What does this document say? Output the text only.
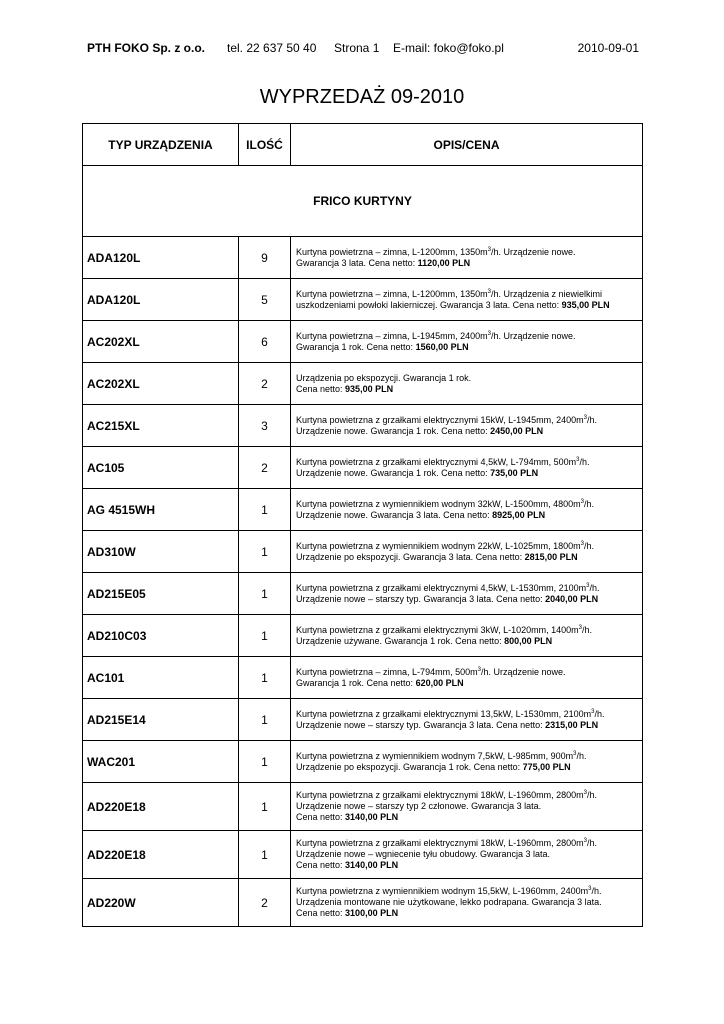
PTH FOKO Sp. z o.o. tel. 22 637 50 40 Strona 1 E-mail: foko@foko.pl	2010-09-01
WYPRZEDAŻ 09-2010
TYP URZĄDZENIA	ILOŚĆ	OPIS/CENA
FRICO KURTYNY		
ADA120L	9	Kurtyna powietrzna – zimna, L-1200mm, $1350m^3/h$. Urządzenie nowe.
Gwarancja 3 lata. Cena netto: 1120,00 PLN

ADA120L	5	Kurtyna powietrzna – zimna, L-1200mm, $1350m^3/h$. Urządzenia z niewielkimi
uszkodzeniami powłoki lakierniczej. Gwarancja 3 lata. Cena netto: 935,00 PLN

AC202XL	6	Kurtyna powietrzna – zimna, L-1945mm, $2400m^3/h$. Urządzenie nowe.
Gwarancja 1 rok. Cena netto: 1560,00 PLN

AC202XL	2	Urządzenia po ekspozycji. Gwarancja 1 rok.
Cena netto: 935,00 PLN

AC215XL	3	Kurtyna powietrzna z grzałkami elektrycznymi 15kW, L-1945mm, $2400m^3/h$.
Urządzenie nowe. Gwarancja 1 rok. Cena netto: 2450,00 PLN

AC105	2	Kurtyna powietrzna z grzałkami elektrycznymi 4,5kW, L-794mm, $500m^3/h$.
Urządzenie nowe. Gwarancja 1 rok. Cena netto: 735,00 PLN

AG 4515WH	1	Kurtyna powietrzna z wymiennikiem wodnym 32kW, L-1500mm, $4800m^3/h$.
Urządzenie nowe. Gwarancja 3 lata. Cena netto: 8925,00 PLN

AD310W	1	Kurtyna powietrzna z wymiennikiem wodnym 22kW, L-1025mm, $1800m^3/h$.
Urządzenie po ekspozycji. Gwarancja 3 lata. Cena netto: 2815,00 PLN

AD215E05	1	Kurtyna powietrzna z grzałkami elektrycznymi 4,5kW, L-1530mm, $2100m^3/h$.
Urządzenie nowe – starszy typ. Gwarancja 3 lata. Cena netto: 2040,00 PLN

AD210C03	1	Kurtyna powietrzna z grzałkami elektrycznymi 3kW, L-1020mm, $1400m^3/h$.
Urządzenie używane. Gwarancja 1 rok. Cena netto: 800,00 PLN

AC101	1	Kurtyna powietrzna – zimna, L-794mm, $500m^3/h$. Urządzenie nowe.
Gwarancja 1 rok. Cena netto: 620,00 PLN

AD215E14	1	Kurtyna powietrzna z grzałkami elektrycznymi 13,5kW, L-1530mm, $2100m^3/h$.
Urządzenie nowe – starszy typ. Gwarancja 3 lata. Cena netto: 2315,00 PLN

WAC201	1	Kurtyna powietrzna z wymiennikiem wodnym 7,5kW, L-985mm, $900m^3/h$.
Urządzenie po ekspozycji. Gwarancja 1 rok. Cena netto: 775,00 PLN

AD220E18	1	Kurtyna powietrzna z grzałkami elektrycznymi 18kW, L-1960mm, $2800m^3/h$.
Urządzenie nowe – starszy typ 2 członowe. Gwarancja 3 lata.
Cena netto: 3140,00 PLN

AD220E18	1	Kurtyna powietrzna z grzałkami elektrycznymi 18kW, L-1960mm, $2800m^3/h$.
Urządzenie nowe – wgniecenie tyłu obudowy. Gwarancja 3 lata.
Cena netto: 3140,00 PLN

AD220W	2	Kurtyna powietrzna z wymiennikiem wodnym 15,5kW, L-1960mm, $2400m^3/h$.
Urządzenia montowane nie użytkowane, lekko podrapana. Gwarancja 3 lata.
Cena netto: 3100,00 PLN
